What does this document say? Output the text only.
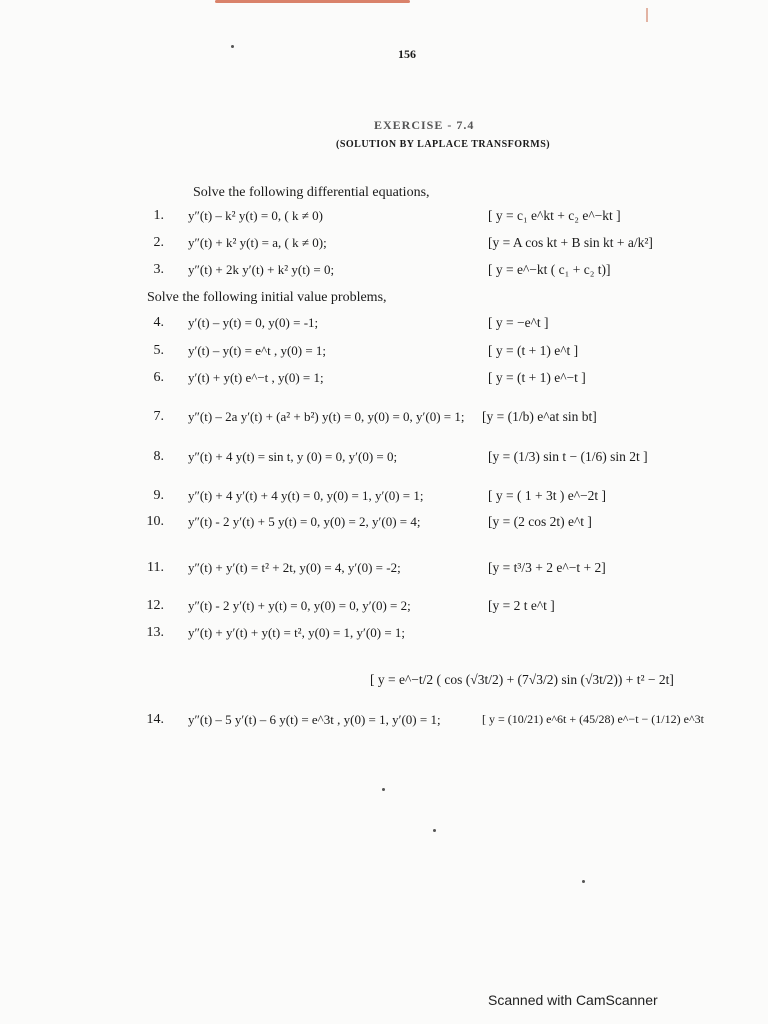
156
EXERCISE - 7.4
(SOLUTION BY LAPLACE TRANSFORMS)
Solve the following differential equations,
1. y″(t) – k² y(t) = 0, ( k ≠ 0)	[ y = c₁ e^kt + c₂ e^−kt ]
2. y″(t) + k² y(t) = a, ( k ≠ 0);	[y = A cos kt + B sin kt + a/k²]
3. y″(t) + 2k y′(t) + k² y(t) = 0;	[ y = e^−kt ( c₁ + c₂ t)]
Solve the following initial value problems,
4. y′(t) – y(t) = 0, y(0) = -1;	[ y = −e^t ]
5. y′(t) – y(t) = e^t , y(0) = 1;	[ y = (t + 1) e^t ]
6. y′(t) + y(t) e^−t , y(0) = 1;	[ y = (t + 1) e^−t ]
7. y″(t) – 2a y′(t) + (a² + b²) y(t) = 0, y(0) = 0, y′(0) = 1; [y = (1/b) e^at sin bt]
8. y″(t) + 4 y(t) = sin t, y (0) = 0, y′(0) = 0;	[y = (1/3) sin t − (1/6) sin 2t ]
9. y″(t) + 4 y′(t) + 4 y(t) = 0, y(0) = 1, y′(0) = 1;	[ y = ( 1 + 3t ) e^−2t ]
10. y″(t) - 2 y′(t) + 5 y(t) = 0, y(0) = 2, y′(0) = 4;	[y = (2 cos 2t) e^t ]
11. y″(t) + y′(t) = t² + 2t, y(0) = 4, y′(0) = -2;	[y = t³/3 + 2 e^−t + 2]
12. y″(t) - 2 y′(t) + y(t) = 0, y(0) = 0, y′(0) = 2;	[y = 2 t e^t ]
13. y″(t) + y′(t) + y(t) = t², y(0) = 1, y′(0) = 1;
[ y = e^−t/2 ( cos (√3t/2) + (7√3/2) sin (√3t/2)) + t² − 2t]
14. y″(t) – 5 y′(t) – 6 y(t) = e^3t , y(0) = 1, y′(0) = 1;	[ y = (10/21) e^6t + (45/28) e^−t − (1/12) e^3t
Scanned with CamScanner
